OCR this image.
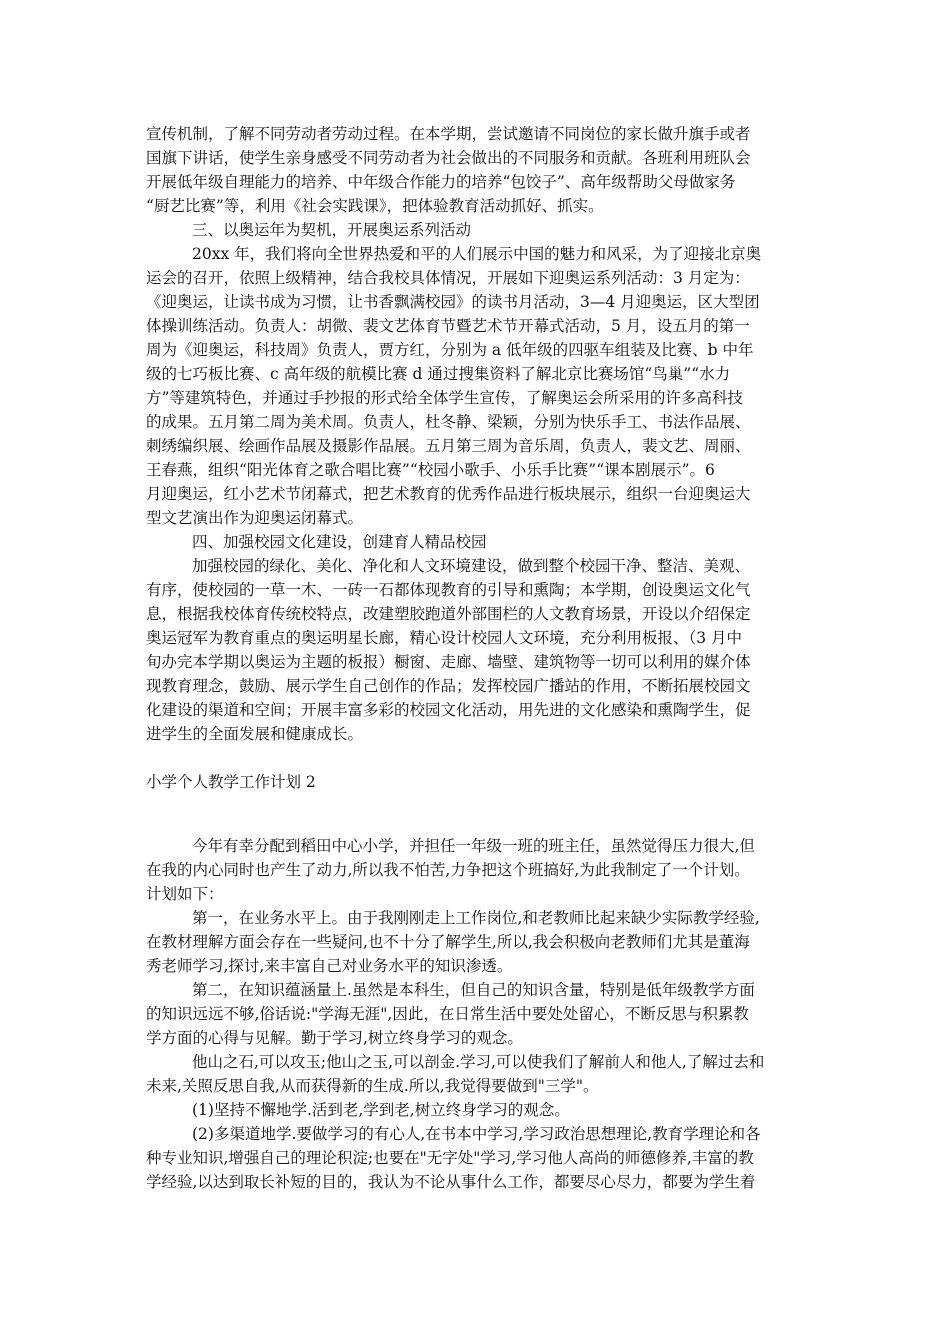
宣传机制，了解不同劳动者劳动过程。在本学期，尝试邀请不同岗位的家长做升旗手或者
国旗下讲话，使学生亲身感受不同劳动者为社会做出的不同服务和贡献。各班利用班队会
开展低年级自理能力的培养、中年级合作能力的培养“包饺子”、高年级帮助父母做家务
“厨艺比赛”等，利用《社会实践课》，把体验教育活动抓好、抓实。
三、以奥运年为契机，开展奥运系列活动
20xx 年，我们将向全世界热爱和平的人们展示中国的魅力和风采，为了迎接北京奥
运会的召开，依照上级精神，结合我校具体情况，开展如下迎奥运系列活动：3 月定为：
《迎奥运，让读书成为习惯，让书香飘满校园》的读书月活动，3—4 月迎奥运，区大型团
体操训练活动。负责人：胡微、裴文艺体育节暨艺术节开幕式活动，5 月，设五月的第一
周为《迎奥运，科技周》负责人，贾方红，分别为 a 低年级的四驱车组装及比赛、b 中年
级的七巧板比赛、c 高年级的航模比赛 d 通过搜集资料了解北京比赛场馆“鸟巢”“水力
方”等建筑特色，并通过手抄报的形式给全体学生宣传，了解奥运会所采用的许多高科技
的成果。五月第二周为美术周。负责人，杜冬静、梁颖，分别为快乐手工、书法作品展、
刺绣编织展、绘画作品展及摄影作品展。五月第三周为音乐周，负责人，裴文艺、周丽、
王春燕，组织“阳光体育之歌合唱比赛”“校园小歌手、小乐手比赛”“课本剧展示”。6
月迎奥运，红小艺术节闭幕式，把艺术教育的优秀作品进行板块展示，组织一台迎奥运大
型文艺演出作为迎奥运闭幕式。
四、加强校园文化建设，创建育人精品校园
加强校园的绿化、美化、净化和人文环境建设，做到整个校园干净、整洁、美观、
有序，使校园的一草一木、一砖一石都体现教育的引导和熏陶；本学期，创设奥运文化气
息，根据我校体育传统校特点，改建塑胶跑道外部围栏的人文教育场景，开设以介绍保定
奥运冠军为教育重点的奥运明星长廊，精心设计校园人文环境，充分利用板报、（3 月中
旬办完本学期以奥运为主题的板报）橱窗、走廊、墙壁、建筑物等一切可以利用的媒介体
现教育理念，鼓励、展示学生自己创作的作品；发挥校园广播站的作用，不断拓展校园文
化建设的渠道和空间；开展丰富多彩的校园文化活动，用先进的文化感染和熏陶学生，促
进学生的全面发展和健康成长。
小学个人教学工作计划 2
今年有幸分配到稻田中心小学，并担任一年级一班的班主任，虽然觉得压力很大,但
在我的内心同时也产生了动力,所以我不怕苦,力争把这个班搞好,为此我制定了一个计划。
计划如下：
第一，在业务水平上。由于我刚刚走上工作岗位,和老教师比起来缺少实际教学经验,
在教材理解方面会存在一些疑问,也不十分了解学生,所以,我会积极向老教师们尤其是董海
秀老师学习,探讨,来丰富自己对业务水平的知识渗透。
第二，在知识蕴涵量上.虽然是本科生，但自己的知识含量，特别是低年级教学方面
的知识远远不够,俗话说:"学海无涯",因此，在日常生活中要处处留心，不断反思与积累教
学方面的心得与见解。勤于学习,树立终身学习的观念。
他山之石,可以攻玉;他山之玉,可以剖金.学习,可以使我们了解前人和他人,了解过去和
未来,关照反思自我,从而获得新的生成.所以,我觉得要做到"三学"。
(1)坚持不懈地学.活到老,学到老,树立终身学习的观念。
(2)多渠道地学.要做学习的有心人,在书本中学习,学习政治思想理论,教育学理论和各
种专业知识,增强自己的理论积淀;也要在"无字处"学习,学习他人高尚的师德修养,丰富的教
学经验,以达到取长补短的目的，我认为不论从事什么工作，都要尽心尽力，都要为学生着
